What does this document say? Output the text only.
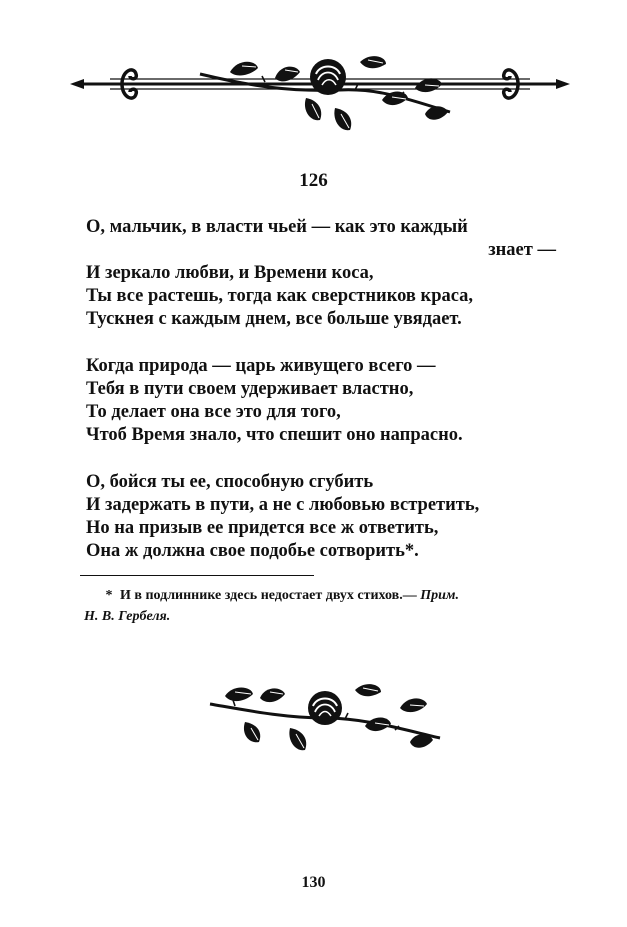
126
О, мальчик, в власти чьей — как это каждый
знает —
И зеркало любви, и Времени коса,
Ты все растешь, тогда как сверстников краса,
Тускнея с каждым днем, все больше увядает.
Когда природа — царь живущего всего —
Тебя в пути своем удерживает властно,
То делает она все это для того,
Чтоб Время знало, что спешит оно напрасно.
О, бойся ты ее, способную сгубить
И задержать в пути, а не с любовью встретить,
Но на призыв ее придется все ж ответить,
Она ж должна свое подобье сотворить*.
* И в подлиннике здесь недостает двух стихов.— Прим.
Н. В. Гербеля.
130
